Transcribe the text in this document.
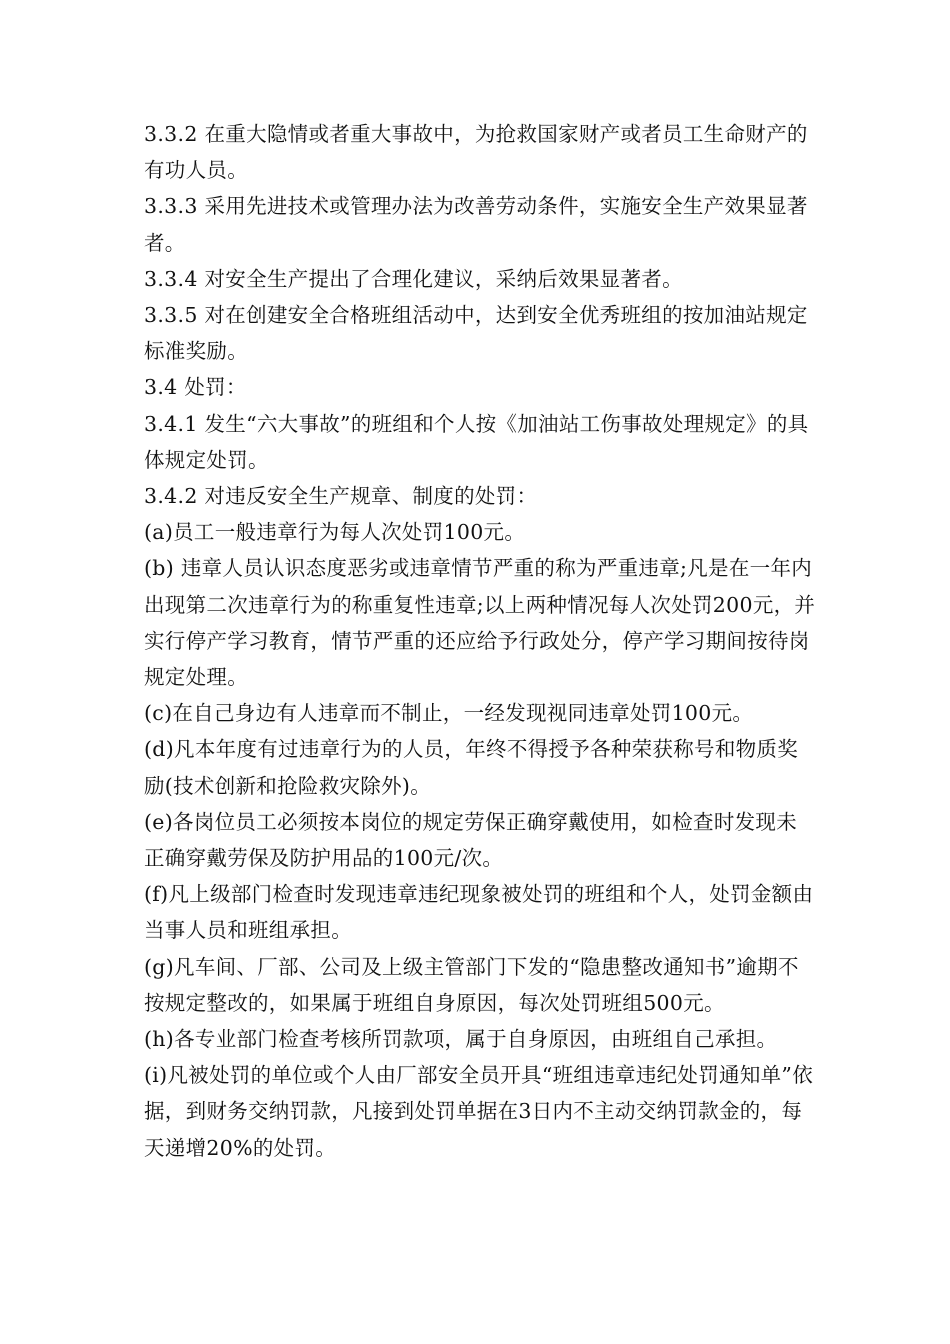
3.3.2 在重大隐情或者重大事故中，为抢救国家财产或者员工生命财产的有功人员。

3.3.3 采用先进技术或管理办法为改善劳动条件，实施安全生产效果显著者。

3.3.4 对安全生产提出了合理化建议，采纳后效果显著者。

3.3.5 对在创建安全合格班组活动中，达到安全优秀班组的按加油站规定标准奖励。

3.4 处罚：

3.4.1 发生“六大事故”的班组和个人按《加油站工伤事故处理规定》的具体规定处罚。

3.4.2 对违反安全生产规章、制度的处罚：

(a)员工一般违章行为每人次处罚100元。

(b) 违章人员认识态度恶劣或违章情节严重的称为严重违章;凡是在一年内出现第二次违章行为的称重复性违章;以上两种情况每人次处罚200元，并实行停产学习教育，情节严重的还应给予行政处分，停产学习期间按待岗规定处理。

(c)在自己身边有人违章而不制止，一经发现视同违章处罚100元。

(d)凡本年度有过违章行为的人员，年终不得授予各种荣获称号和物质奖励(技术创新和抢险救灾除外)。

(e)各岗位员工必须按本岗位的规定劳保正确穿戴使用，如检查时发现未正确穿戴劳保及防护用品的100元/次。

(f)凡上级部门检查时发现违章违纪现象被处罚的班组和个人，处罚金额由当事人员和班组承担。

(g)凡车间、厂部、公司及上级主管部门下发的“隐患整改通知书”逾期不按规定整改的，如果属于班组自身原因，每次处罚班组500元。

(h)各专业部门检查考核所罚款项，属于自身原因，由班组自己承担。

(i)凡被处罚的单位或个人由厂部安全员开具“班组违章违纪处罚通知单”依据，到财务交纳罚款，凡接到处罚单据在3日内不主动交纳罚款金的，每天递增20%的处罚。
